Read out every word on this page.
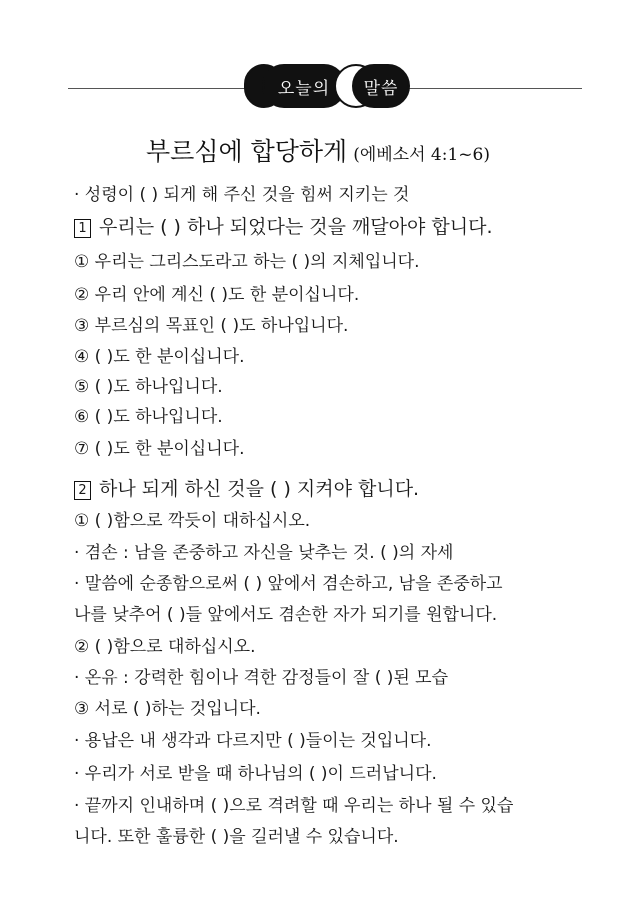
오늘의 말씀
부르심에 합당하게 (에베소서 4:1~6)
· 성령이 ( ) 되게 해 주신 것을 힘써 지키는 것
1 우리는 ( ) 하나 되었다는 것을 깨달아야 합니다.
① 우리는 그리스도라고 하는 ( )의 지체입니다.
② 우리 안에 계신 ( )도 한 분이십니다.
③ 부르심의 목표인 ( )도 하나입니다.
④ ( )도 한 분이십니다.
⑤ ( )도 하나입니다.
⑥ ( )도 하나입니다.
⑦ ( )도 한 분이십니다.
2 하나 되게 하신 것을 ( ) 지켜야 합니다.
① ( )함으로 깍듯이 대하십시오.
· 겸손 : 남을 존중하고 자신을 낮추는 것. ( )의 자세
· 말씀에 순종함으로써 ( ) 앞에서 겸손하고, 남을 존중하고
나를 낮추어 ( )들 앞에서도 겸손한 자가 되기를 원합니다.
② ( )함으로 대하십시오.
· 온유 : 강력한 힘이나 격한 감정들이 잘 ( )된 모습
③ 서로 ( )하는 것입니다.
· 용납은 내 생각과 다르지만 ( )들이는 것입니다.
· 우리가 서로 받을 때 하나님의 ( )이 드러납니다.
· 끝까지 인내하며 ( )으로 격려할 때 우리는 하나 될 수 있습
니다. 또한 훌륭한 ( )을 길러낼 수 있습니다.
